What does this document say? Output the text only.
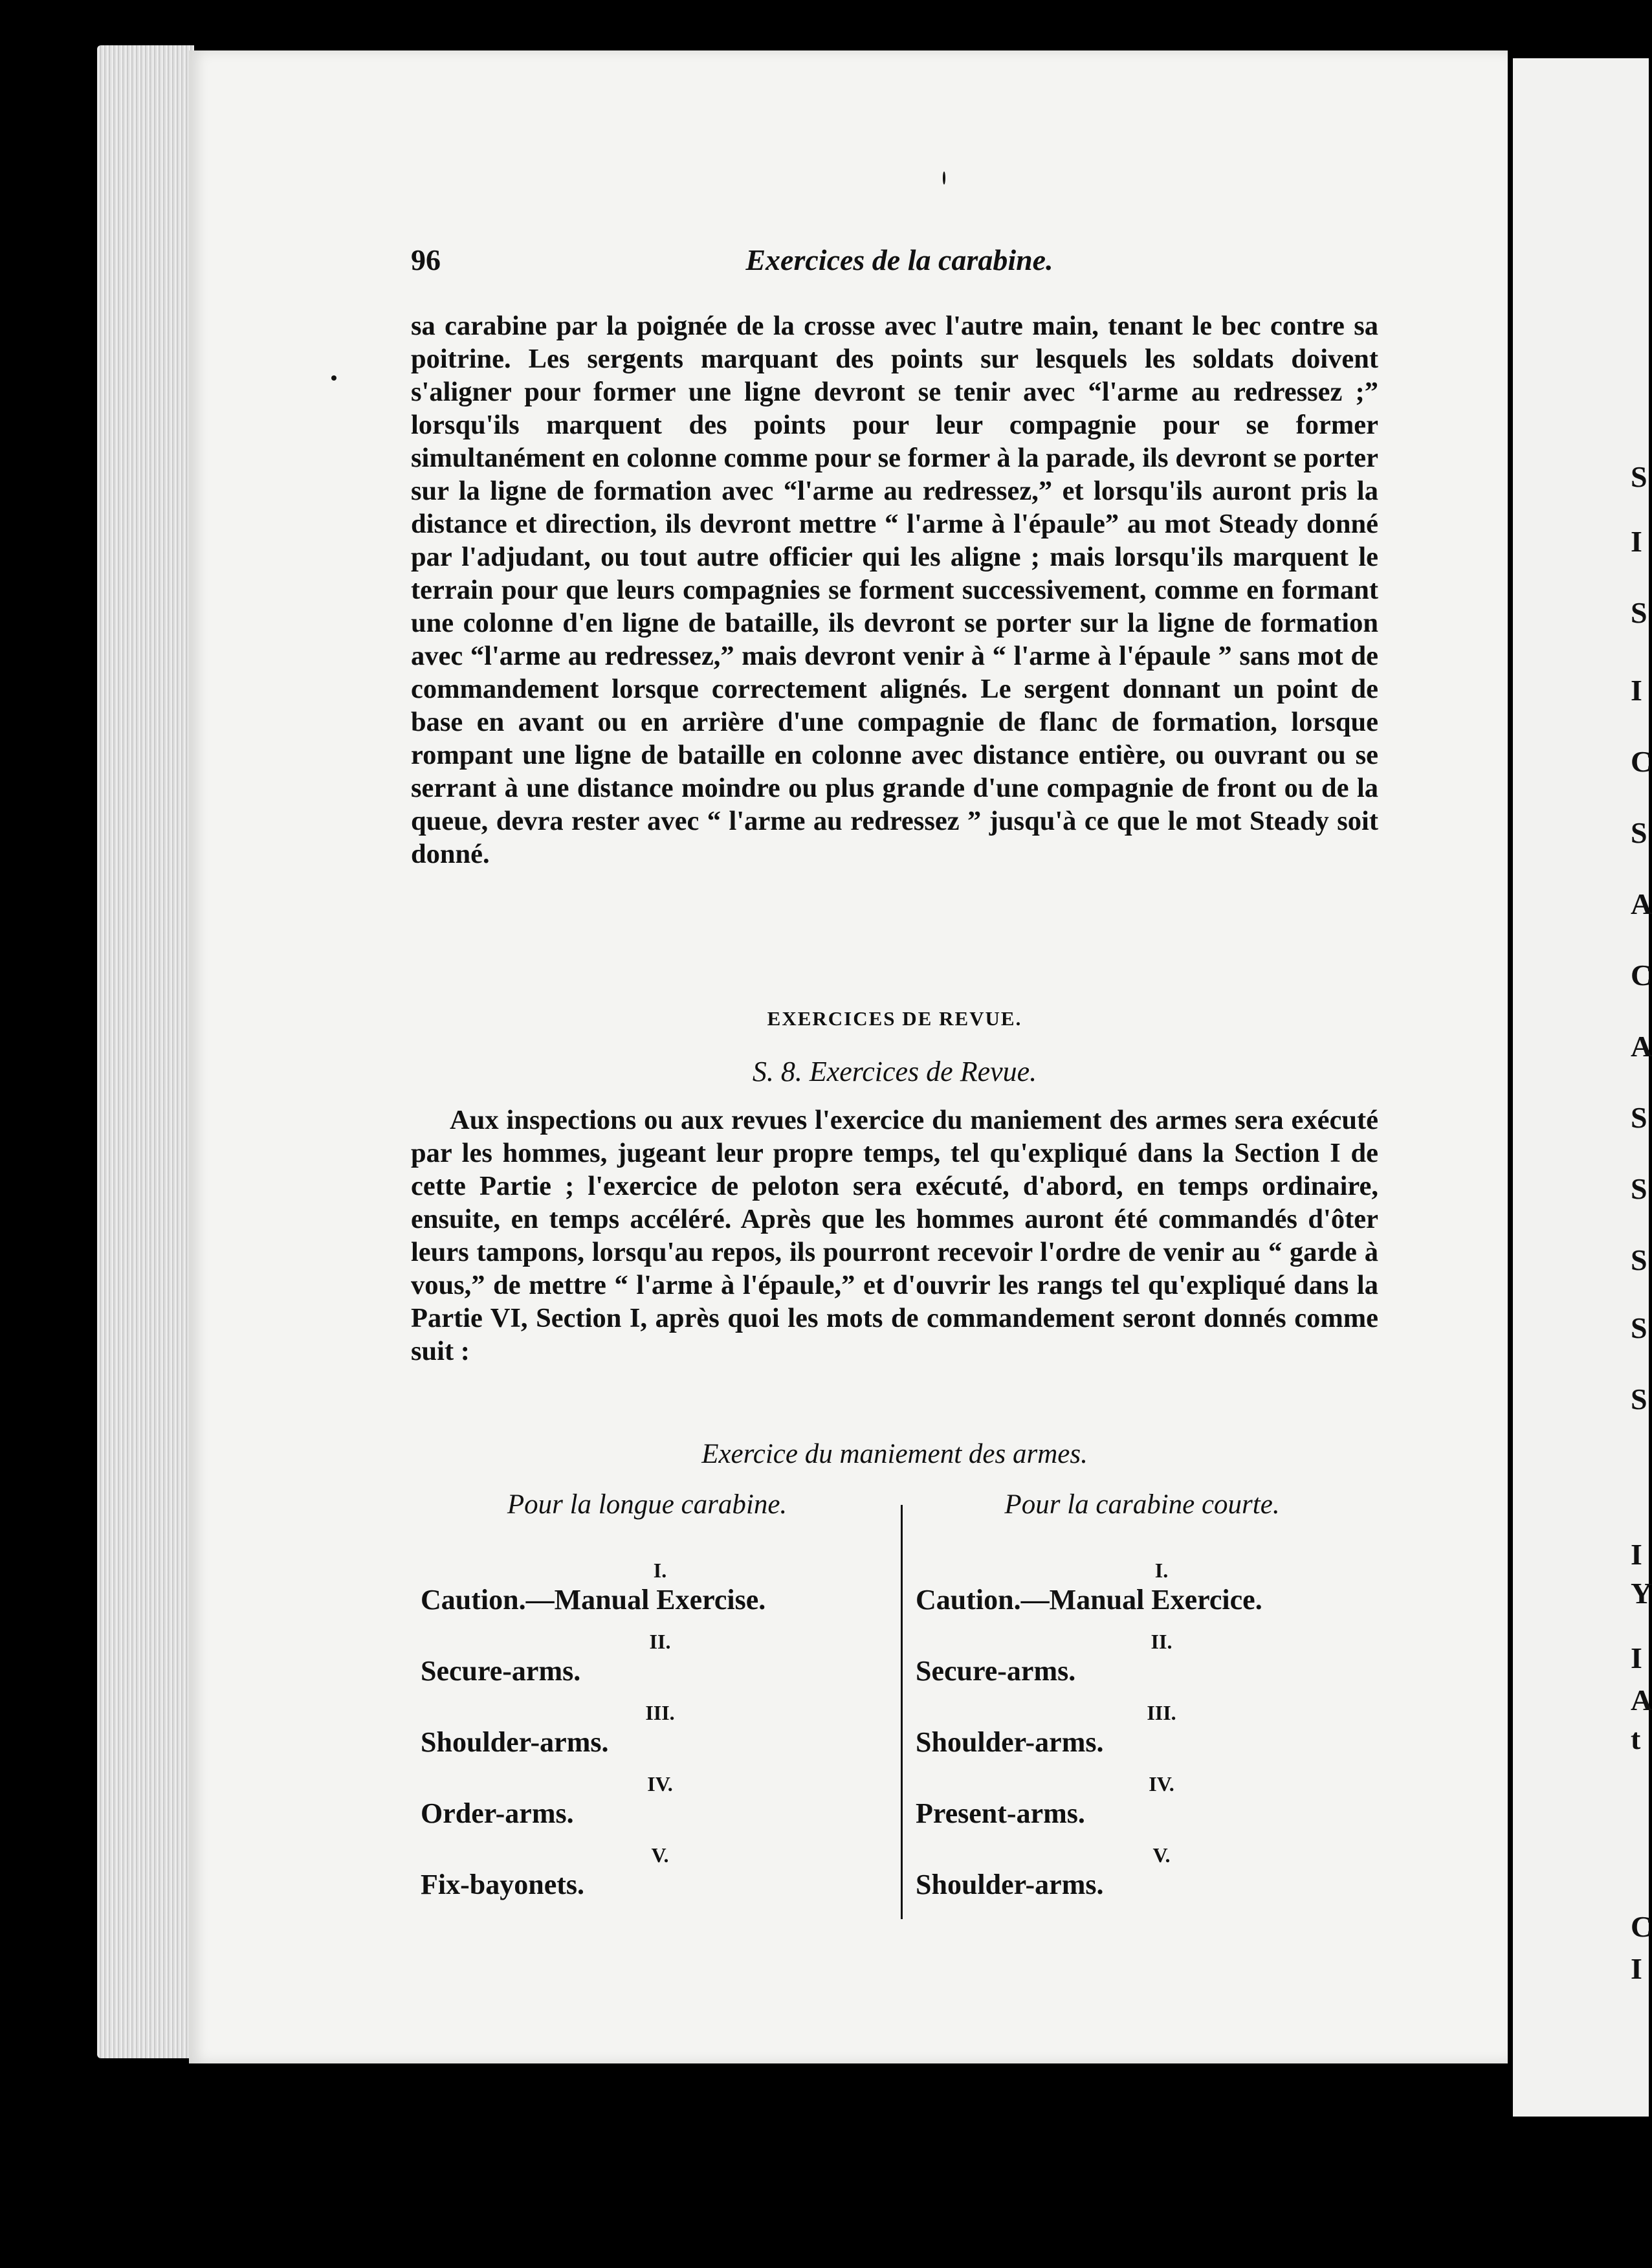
S
I
S
I
C
S
A
C
A
S
S
S
S
S
I
Y
I
A
t
C
I
96	Exercices de la carabine.

sa carabine par la poignée de la crosse avec l'autre main, tenant le bec contre sa poitrine. Les sergents marquant des points sur lesquels les soldats doivent s'aligner pour former une ligne devront se tenir avec “l'arme au redressez ;” lorsqu'ils marquent des points pour leur compagnie pour se former simultanément en colonne comme pour se former à la parade, ils devront se porter sur la ligne de formation avec “l'arme au redressez,” et lorsqu'ils auront pris la distance et direction, ils devront mettre “ l'arme à l'épaule” au mot Steady donné par l'adjudant, ou tout autre officier qui les aligne ; mais lorsqu'ils marquent le terrain pour que leurs compagnies se forment successivement, comme en formant une colonne d'en ligne de bataille, ils devront se porter sur la ligne de formation avec “l'arme au redressez,” mais devront venir à “ l'arme à l'épaule ” sans mot de commandement lorsque correctement alignés. Le sergent donnant un point de base en avant ou en arrière d'une compagnie de flanc de formation, lorsque rompant une ligne de bataille en colonne avec distance entière, ou ouvrant ou se serrant à une distance moindre ou plus grande d'une compagnie de front ou de la queue, devra rester avec “ l'arme au redressez ” jusqu'à ce que le mot Steady soit donné.

EXERCICES DE REVUE.
S. 8. Exercices de Revue.

Aux inspections ou aux revues l'exercice du maniement des armes sera exécuté par les hommes, jugeant leur propre temps, tel qu'expliqué dans la Section I de cette Partie ; l'exercice de peloton sera exécuté, d'abord, en temps ordinaire, ensuite, en temps accéléré. Après que les hommes auront été commandés d'ôter leurs tampons, lorsqu'au repos, ils pourront recevoir l'ordre de venir au “ garde à vous,” de mettre “ l'arme à l'épaule,” et d'ouvrir les rangs tel qu'expliqué dans la Partie VI, Section I, après quoi les mots de commandement seront donnés comme suit :

Exercice du maniement des armes.
Pour la longue carabine.
I.
Caution.—Manual Exercise.
II.
Secure-arms.
III.
Shoulder-arms.
IV.
Order-arms.
V.
Fix-bayonets.
Pour la carabine courte.
I.
Caution.—Manual Exercice.
II.
Secure-arms.
III.
Shoulder-arms.
IV.
Present-arms.
V.
Shoulder-arms.
